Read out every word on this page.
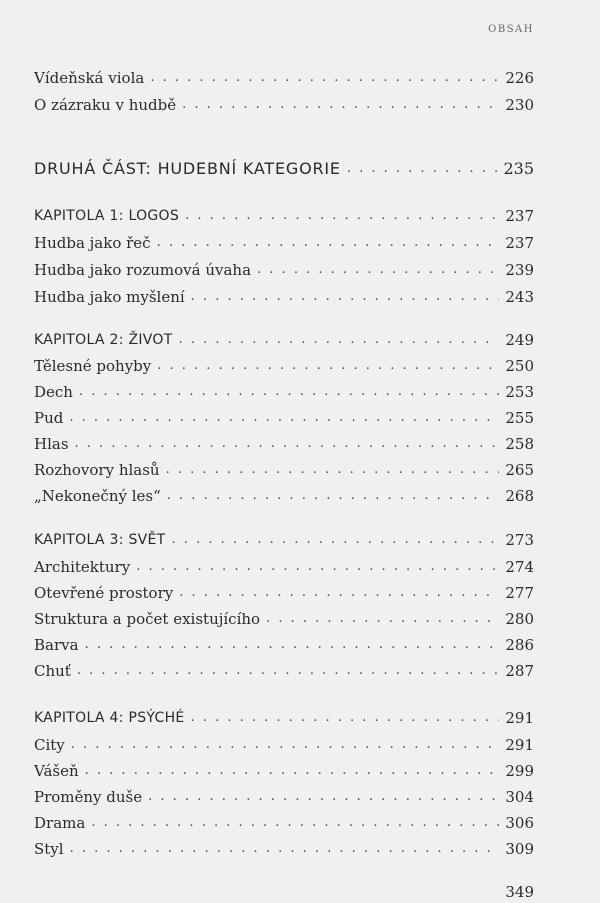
OBSAH
Vídeňská viola . . .	226
O zázraku v hudbě . . .	230
DRUHÁ ČÁST: HUDEBNÍ KATEGORIE . . .	235
KAPITOLA 1: LOGOS . . .	237
Hudba jako řeč . . .	237
Hudba jako rozumová úvaha . . .	239
Hudba jako myšlení . . .	243
KAPITOLA 2: ŽIVOT . . .	249
Tělesné pohyby . . .	250
Dech . . .	253
Pud . . .	255
Hlas . . .	258
Rozhovory hlasů . . .	265
„Nekonečný les“ . . .	268
KAPITOLA 3: SVĚT . . .	273
Architektury . . .	274
Otevřené prostory . . .	277
Struktura a počet existujícího . . .	280
Barva . . .	286
Chuť . . .	287
KAPITOLA 4: PSÝCHÉ . . .	291
City . . .	291
Vášeň . . .	299
Proměny duše . . .	304
Drama . . .	306
Styl . . .	309
349
